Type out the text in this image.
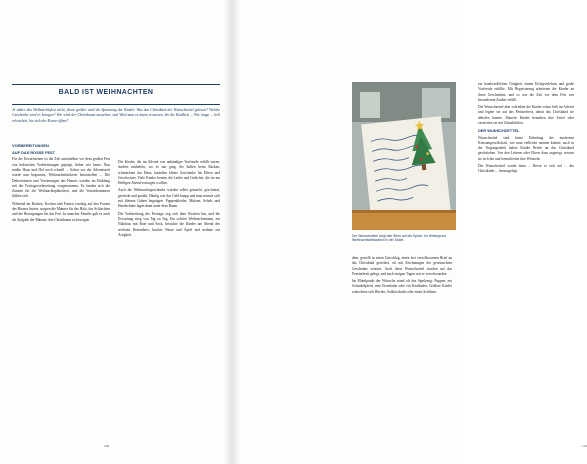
BALD IST WEIHNACHTEN

Je näher das Weihnachtsfest rückt, desto größer wird die Spannung der Kinder. Was das Christkind der Wunschzettel gelesen? Welche Geschenke wird es bringen? Wie wird der Christbaum aussehen, und Wird man es kaum erwarten, bis die Kindheit ... Wie lange ... hell erleuchtet, bis sich der Kranz öffnet?

VORBEREITUNGEN

AUF DAS ROSSE FEST

Für die Erwachsenen ist die Zeit unmittelbar vor dem großen Fest von hektischen Vorbereitungen geprägt, früher wie heute. Nun mußte Haus und Hof noch schnell ... Schon vor der Adventszeit wurde nun begonnen, Weihnachtsbäckerei herzustellen ... Die Dekorationen und Verzierungen des Hauses wurden im Einklang mit der Festtagsvorbereitung vorgenommen. Es fanden sich die Zutaten für die Weihnachtsplätzchen, und die Vorratskammern füllten sich.

Während im Backen, Kochen und Putzen vorrätig auf den Frauen des Hauses lastete, sorgten die Männer für das Holz, das Schlachten und die Besorgungen für das Fest. In mancher Familie galt es auch als Aufgabe der Männer, den Christbaum zu besorgen.

Die Kinder, die im Advent von unbändiger Vorfreude erfüllt waren, durften mithelfen, wo es nur ging. Sie halfen beim Backen, schmückten das Haus, bastelten kleine Geschenke für Eltern und Geschwister. Viele Kinder lernten die Lieder und Gedichte, die sie am Heiligen Abend vortragen wollten.

Auch die Weihnachtsgeschenke wurden selbst gemacht, geschnitzt, gestrickt und genäht. Häufig war das Geld knapp und man musste sich mit kleinen Gaben begnügen. Puppenkleider, Mützen, Schals und Handschuhe lagen dann unter dem Baum.

Die Vorbereitung der Festtage zog sich über Wochen hin, und die Erwartung stieg von Tag zu Tag. Ein solcher Weihnachtsmann, ein Nikolaus mit Rute und Sack, besuchte die Kinder am Abend des sechsten Dezembers, brachte Nüsse und Äpfel und mahnte zur Artigkeit.

150

zur handwerklichen Tätigkeit, einem Erfolgserlebnis und große Vorfreude erfüllte. Mit Begeisterung arbeiteten die Kinder an ihren Geschenken, und so war die Zeit vor dem Fest von besonderem Zauber erfüllt.

Die Wunschzettel aber schrieben die Kinder schon früh im Advent und legten sie auf das Fensterbrett, damit das Christkind sie abholen konnte. Manche Kinder bemalten ihre Zettel oder verzierten sie mit Glanzbildern.

DER WUNSCHZETTEL

Wunschzettel sind keine Erfindung der modernen Konsumgesellschaft, wie man vielleicht meinen könnte, auch in der Vergangenheit haben Kinder Briefe an das Christkind geschrieben. Von den Lehrern oder Eltern dazu angeregt, setzten sie sich hin und formulierten ihre Wünsche.

Der Wunschzettel wurde dann ... Bevor er sich auf ... des Christkinds ... herausgelegt.

151

Der Wunschzettel zeigt den Stern auf der Spitze. Im Hintergrund Weihnachtsdekoration in der Stube.

dem, gestellt in einen Umschlag, einen fest verschlossenen Brief an das Christkind gerichtet, oft mit Zeichnungen der gewünschten Geschenke verziert. Auch diese Wunschzettel wurden auf das Fensterbrett gelegt, und nach einigen Tagen war er verschwunden.

Im Mittelpunkt der Wünsche stand oft das Spielzeug: Puppen, ein Schaukelpferd, eine Eisenbahn oder ein Kaufladen. Größere Kinder wünschten sich Bücher, Schlittschuhe oder einen Schlitten.
